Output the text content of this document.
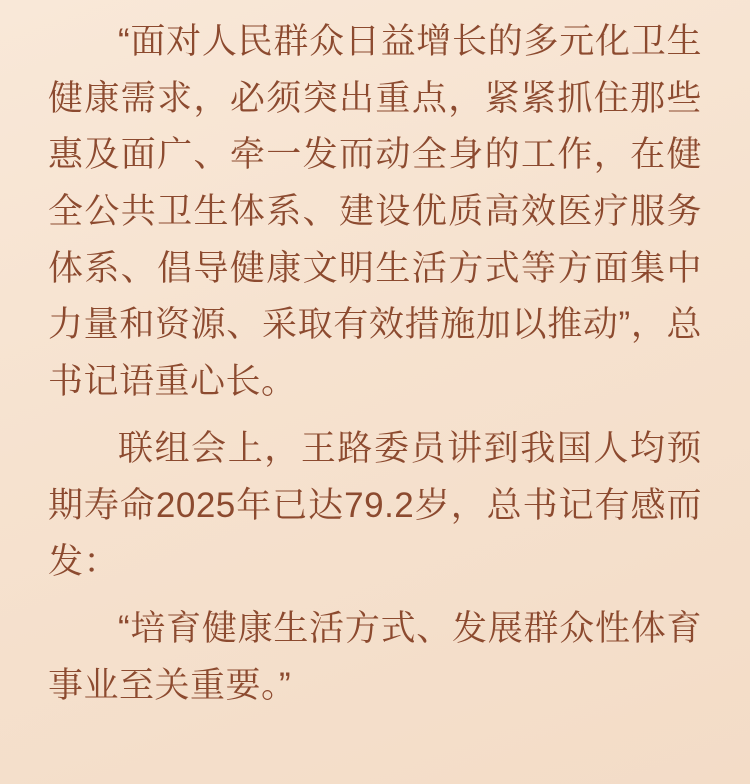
“面对人民群众日益增长的多元化卫生健康需求，必须突出重点，紧紧抓住那些惠及面广、牵一发而动全身的工作，在健全公共卫生体系、建设优质高效医疗服务体系、倡导健康文明生活方式等方面集中力量和资源、采取有效措施加以推动”，总书记语重心长。

联组会上，王路委员讲到我国人均预期寿命2025年已达79.2岁，总书记有感而发：

“培育健康生活方式、发展群众性体育事业至关重要。”
